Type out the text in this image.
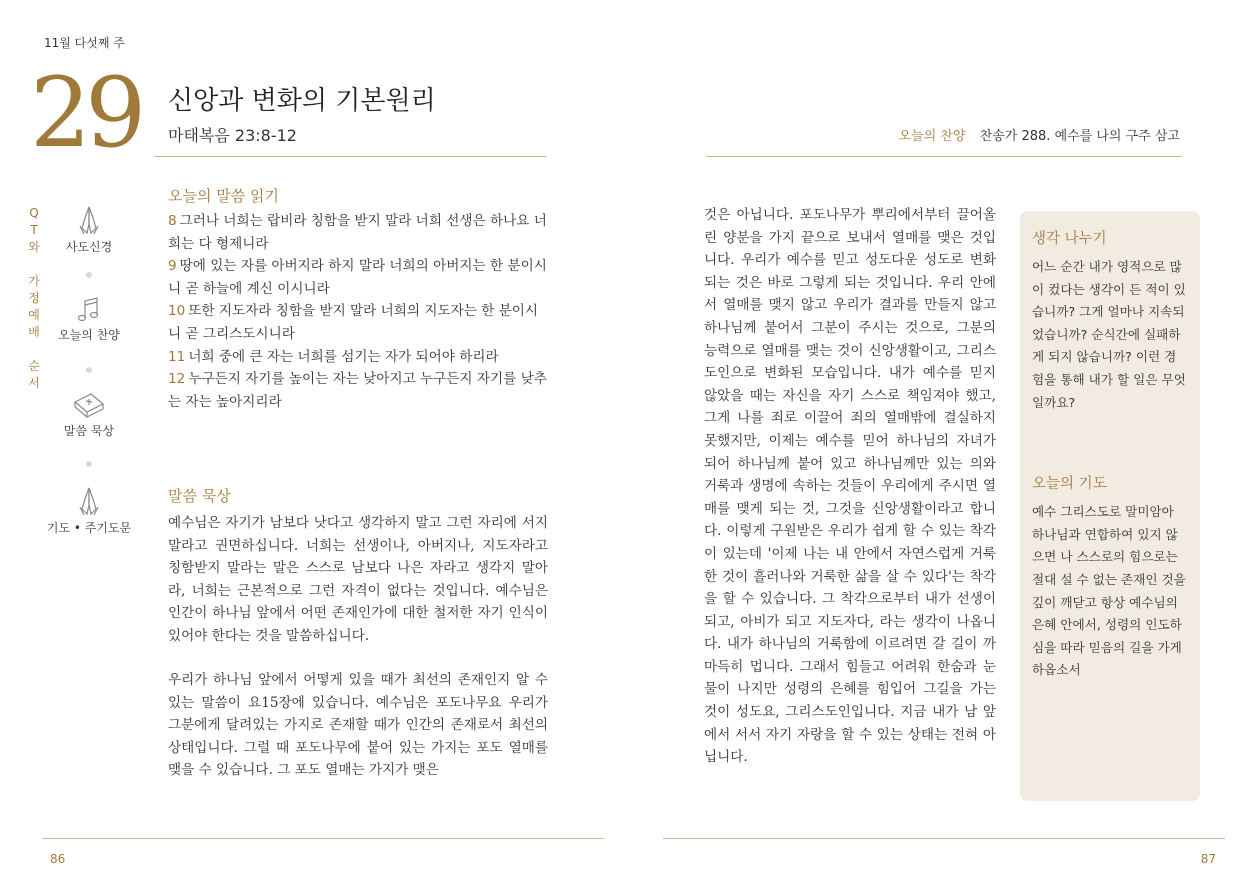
11월 다섯째 주
29 신앙과 변화의 기본원리
마태복음 23:8-12	오늘의 찬양 찬송가 288. 예수를 나의 구주 삼고
Q
T
와
가
정
예
배
순
서
사도신경
오늘의 찬양
말씀 묵상
기도 • 주기도문
오늘의 말씀 읽기
8 그러나 너희는 랍비라 칭함을 받지 말라 너희 선생은 하나요 너희는 다 형제니라
9 땅에 있는 자를 아버지라 하지 말라 너희의 아버지는 한 분이시니 곧 하늘에 계신 이시니라
10 또한 지도자라 칭함을 받지 말라 너희의 지도자는 한 분이시니 곧 그리스도시니라
11 너희 중에 큰 자는 너희를 섬기는 자가 되어야 하리라
12 누구든지 자기를 높이는 자는 낮아지고 누구든지 자기를 낮추는 자는 높아지리라
말씀 묵상
예수님은 자기가 남보다 낫다고 생각하지 말고 그런 자리에 서지 말라고 권면하십니다. 너희는 선생이나, 아버지나, 지도자라고 칭함받지 말라는 말은 스스로 남보다 나은 자라고 생각지 말아라, 너희는 근본적으로 그런 자격이 없다는 것입니다. 예수님은 인간이 하나님 앞에서 어떤 존재인가에 대한 철저한 자기 인식이 있어야 한다는 것을 말씀하십니다.
우리가 하나님 앞에서 어떻게 있을 때가 최선의 존재인지 알 수 있는 말씀이 요15장에 있습니다. 예수님은 포도나무요 우리가 그분에게 달려있는 가지로 존재할 때가 인간의 존재로서 최선의 상태입니다. 그럴 때 포도나무에 붙어 있는 가지는 포도 열매를 맺을 수 있습니다. 그 포도 열매는 가지가 맺은
것은 아닙니다. 포도나무가 뿌리에서부터 끌어올린 양분을 가지 끝으로 보내서 열매를 맺은 것입니다. 우리가 예수를 믿고 성도다운 성도로 변화되는 것은 바로 그렇게 되는 것입니다. 우리 안에서 열매를 맺지 않고 우리가 결과를 만들지 않고 하나님께 붙어서 그분이 주시는 것으로, 그분의 능력으로 열매를 맺는 것이 신앙생활이고, 그리스도인으로 변화된 모습입니다. 내가 예수를 믿지 않았을 때는 자신을 자기 스스로 책임져야 했고, 그게 나를 죄로 이끌어 죄의 열매밖에 결실하지 못했지만, 이제는 예수를 믿어 하나님의 자녀가 되어 하나님께 붙어 있고 하나님께만 있는 의와 거룩과 생명에 속하는 것들이 우리에게 주시면 열매를 맺게 되는 것, 그것을 신앙생활이라고 합니다. 이렇게 구원받은 우리가 쉽게 할 수 있는 착각이 있는데 '이제 나는 내 안에서 자연스럽게 거룩한 것이 흘러나와 거룩한 삶을 살 수 있다'는 착각을 할 수 있습니다. 그 착각으로부터 내가 선생이 되고, 아비가 되고 지도자다, 라는 생각이 나옵니다. 내가 하나님의 거룩함에 이르려면 갈 길이 까마득히 멉니다. 그래서 힘들고 어려워 한숨과 눈물이 나지만 성령의 은혜를 힘입어 그길을 가는 것이 성도요, 그리스도인입니다. 지금 내가 남 앞에서 서서 자기 자랑을 할 수 있는 상태는 전혀 아닙니다.
생각 나누기

어느 순간 내가 영적으로 많이 컸다는 생각이 든 적이 있습니까? 그게 얼마나 지속되었습니까? 순식간에 실패하게 되지 않습니까? 이런 경험을 통해 내가 할 일은 무엇일까요?

오늘의 기도

예수 그리스도로 말미암아 하나님과 연합하여 있지 않으면 나 스스로의 힘으로는 절대 설 수 없는 존재인 것을 깊이 깨닫고 항상 예수님의 은혜 안에서, 성령의 인도하심을 따라 믿음의 길을 가게 하옵소서

86	87
